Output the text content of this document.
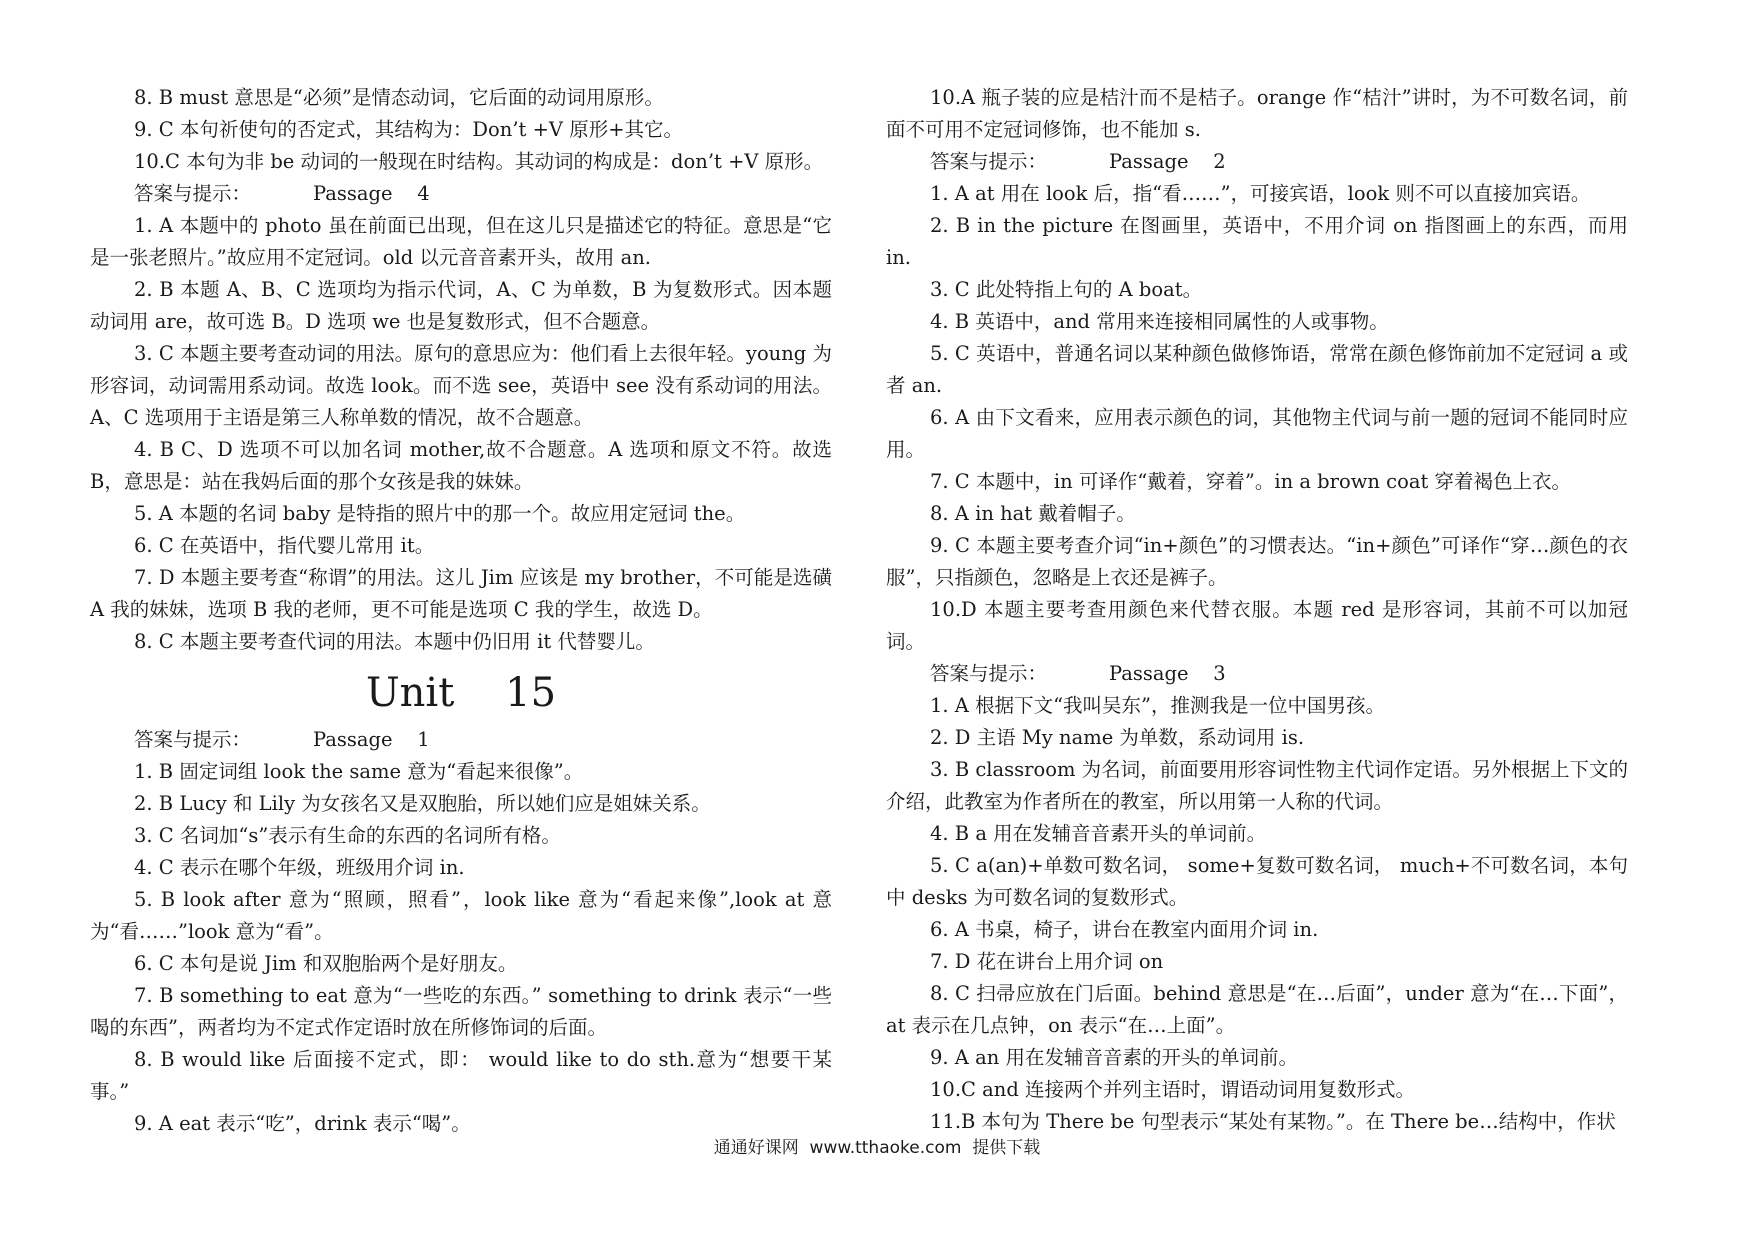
8. B must 意思是“必须”是情态动词，它后面的动词用原形。

9. C 本句祈使句的否定式，其结构为：Don’t +V 原形+其它。

10.C 本句为非 be 动词的一般现在时结构。其动词的构成是：don’t +V 原形。

答案与提示：          Passage    4

1. A 本题中的 photo 虽在前面已出现，但在这儿只是描述它的特征。意思是“它是一张老照片。”故应用不定冠词。old 以元音音素开头，故用 an.

2. B 本题 A、B、C 选项均为指示代词，A、C 为单数，B 为复数形式。因本题动词用 are，故可选 B。D 选项 we 也是复数形式，但不合题意。

3. C 本题主要考查动词的用法。原句的意思应为：他们看上去很年轻。young 为形容词，动词需用系动词。故选 look。而不选 see，英语中 see 没有系动词的用法。A、C 选项用于主语是第三人称单数的情况，故不合题意。

4. B C、D 选项不可以加名词 mother,故不合题意。A 选项和原文不符。故选 B，意思是：站在我妈后面的那个女孩是我的妹妹。

5. A 本题的名词 baby 是特指的照片中的那一个。故应用定冠词 the。

6. C 在英语中，指代婴儿常用 it。

7. D 本题主要考查“称谓”的用法。这儿 Jim 应该是 my brother，不可能是选磺 A 我的妹妹，选项 B 我的老师，更不可能是选项 C 我的学生，故选 D。

8. C 本题主要考查代词的用法。本题中仍旧用 it 代替婴儿。

Unit    15

答案与提示：          Passage    1

1. B 固定词组 look the same 意为“看起来很像”。

2. B Lucy 和 Lily 为女孩名又是双胞胎，所以她们应是姐妹关系。

3. C 名词加“s”表示有生命的东西的名词所有格。

4. C 表示在哪个年级，班级用介词 in.

5. B look after 意为“照顾，照看”，look like 意为“看起来像”,look at 意为“看……”look 意为“看”。

6. C 本句是说 Jim 和双胞胎两个是好朋友。

7. B something to eat 意为“一些吃的东西。” something to drink 表示“一些喝的东西”，两者均为不定式作定语时放在所修饰词的后面。

8. B would like 后面接不定式，即： would like to do sth.意为“想要干某事。”

9. A eat 表示“吃”，drink 表示“喝”。

10.A 瓶子装的应是桔汁而不是桔子。orange 作“桔汁”讲时，为不可数名词，前面不可用不定冠词修饰，也不能加 s.

答案与提示：          Passage    2

1. A at 用在 look 后，指“看……”，可接宾语，look 则不可以直接加宾语。

2. B in the picture 在图画里，英语中，不用介词 on 指图画上的东西，而用 in.

3. C 此处特指上句的 A boat。

4. B 英语中，and 常用来连接相同属性的人或事物。

5. C 英语中，普通名词以某种颜色做修饰语，常常在颜色修饰前加不定冠词 a 或者 an.

6. A 由下文看来，应用表示颜色的词，其他物主代词与前一题的冠词不能同时应用。

7. C 本题中，in 可译作“戴着，穿着”。in a brown coat 穿着褐色上衣。

8. A in hat 戴着帽子。

9. C 本题主要考查介词“in+颜色”的习惯表达。“in+颜色”可译作“穿…颜色的衣服”，只指颜色，忽略是上衣还是裤子。

10.D 本题主要考查用颜色来代替衣服。本题 red 是形容词，其前不可以加冠词。

答案与提示：          Passage    3

1. A 根据下文“我叫吴东”，推测我是一位中国男孩。

2. D 主语 My name 为单数，系动词用 is.

3. B classroom 为名词，前面要用形容词性物主代词作定语。另外根据上下文的介绍，此教室为作者所在的教室，所以用第一人称的代词。

4. B a 用在发辅音音素开头的单词前。

5. C a(an)+单数可数名词， some+复数可数名词， much+不可数名词，本句中 desks 为可数名词的复数形式。

6. A 书桌，椅子，讲台在教室内面用介词 in.

7. D 花在讲台上用介词 on

8. C 扫帚应放在门后面。behind 意思是“在…后面”，under 意为“在…下面”，at 表示在几点钟，on 表示“在…上面”。

9. A an 用在发辅音音素的开头的单词前。

10.C and 连接两个并列主语时，谓语动词用复数形式。

11.B 本句为 There be 句型表示“某处有某物。”。在 There be…结构中，作状

通通好课网  www.tthaoke.com  提供下载
